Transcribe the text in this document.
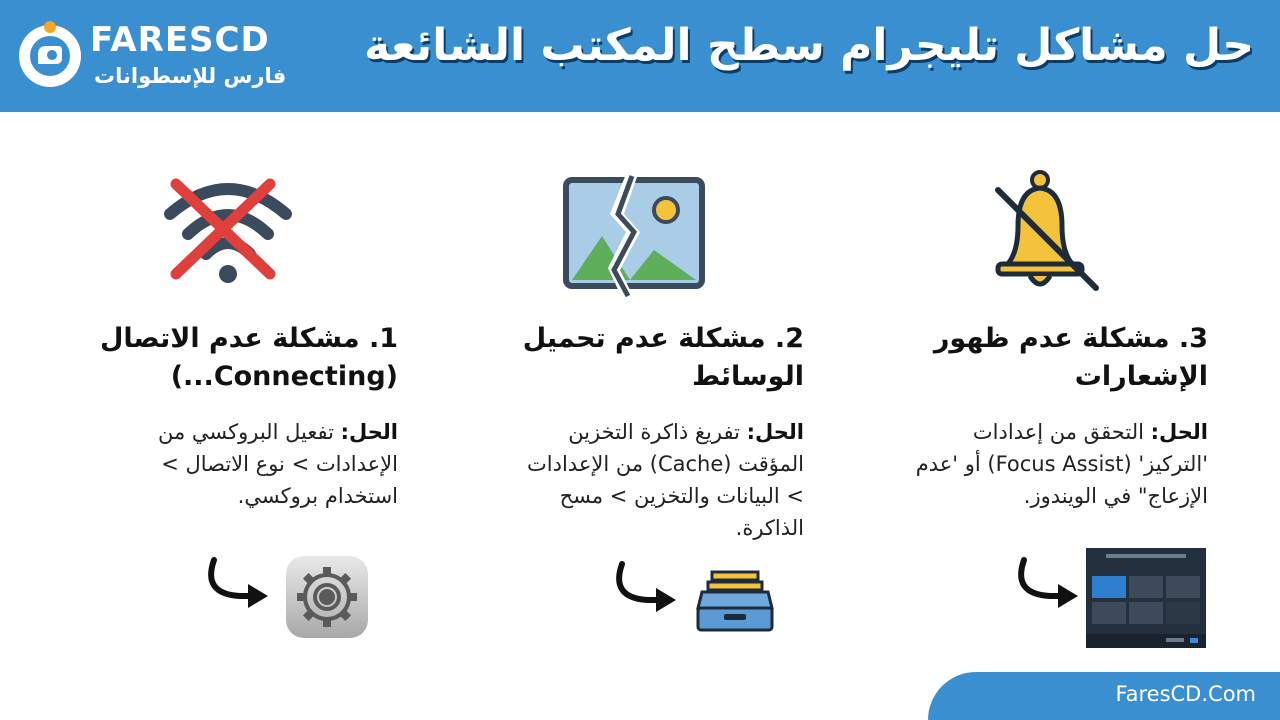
FARESCD
فارس للإسطوانات
حل مشاكل تليجرام سطح المكتب الشائعة
1. مشكلة عدم الاتصال
(Connecting...)
الحل: تفعيل البروكسي من
الإعدادات > نوع الاتصال >
استخدام بروكسي.
2. مشكلة عدم تحميل
الوسائط
الحل: تفريغ ذاكرة التخزين
المؤقت (Cache) من الإعدادات
> البيانات والتخزين > مسح
الذاكرة.
3. مشكلة عدم ظهور
الإشعارات
الحل: التحقق من إعدادات
'التركيز' (Focus Assist) أو 'عدم
الإزعاج" في الويندوز.
FaresCD.Com
